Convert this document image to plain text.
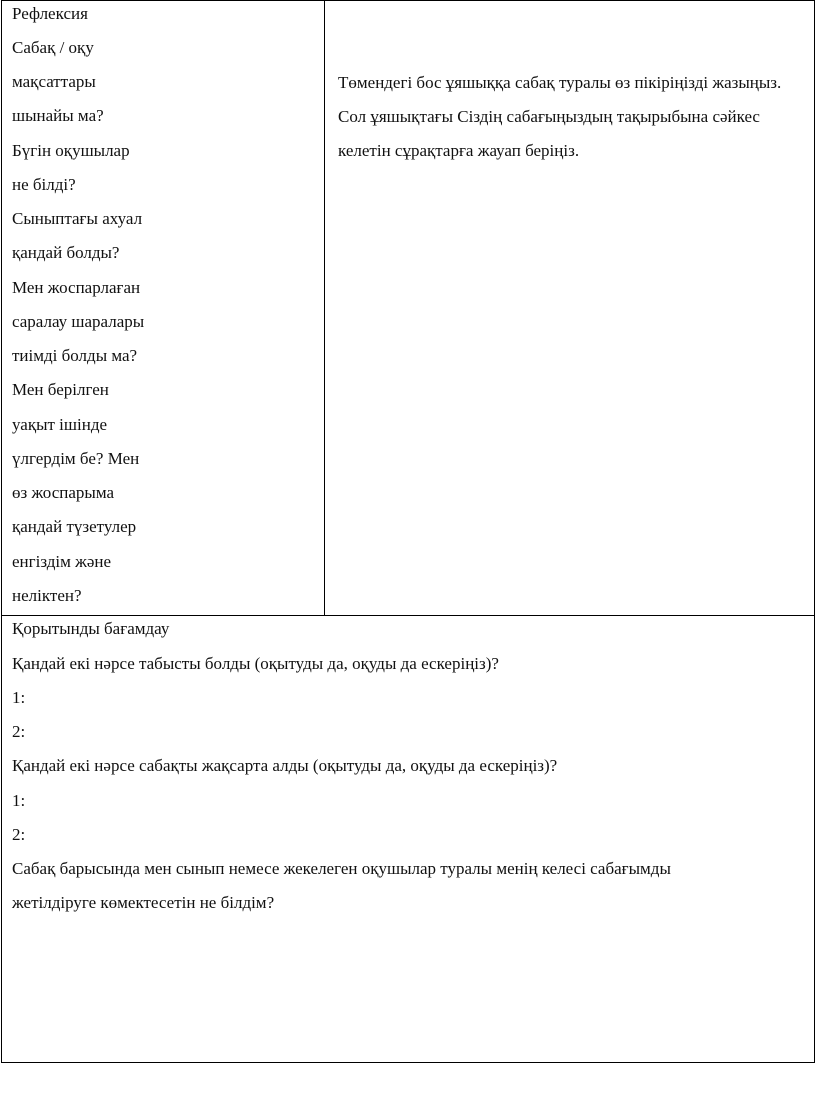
Рефлексия
Сабақ / оқу
мақсаттары
шынайы ма?
Бүгін оқушылар
не білді?
Сыныптағы ахуал
қандай болды?
Мен жоспарлаған
саралау шаралары
тиімді болды ма?
Мен берілген
уақыт ішінде
үлгердім бе? Мен
өз жоспарыма
қандай түзетулер
енгіздім және
неліктен?
Төмендегі бос ұяшыққа сабақ туралы өз пікіріңізді жазыңыз.
Сол ұяшықтағы Сіздің сабағыңыздың тақырыбына сәйкес
келетін сұрақтарға жауап беріңіз.
Қорытынды бағамдау
Қандай екі нәрсе табысты болды (оқытуды да, оқуды да ескеріңіз)?
1:
2:
Қандай екі нәрсе сабақты жақсарта алды (оқытуды да, оқуды да ескеріңіз)?
1:
2:
Сабақ барысында мен сынып немесе жекелеген оқушылар туралы менің келесі сабағымды
жетілдіруге көмектесетін не білдім?
